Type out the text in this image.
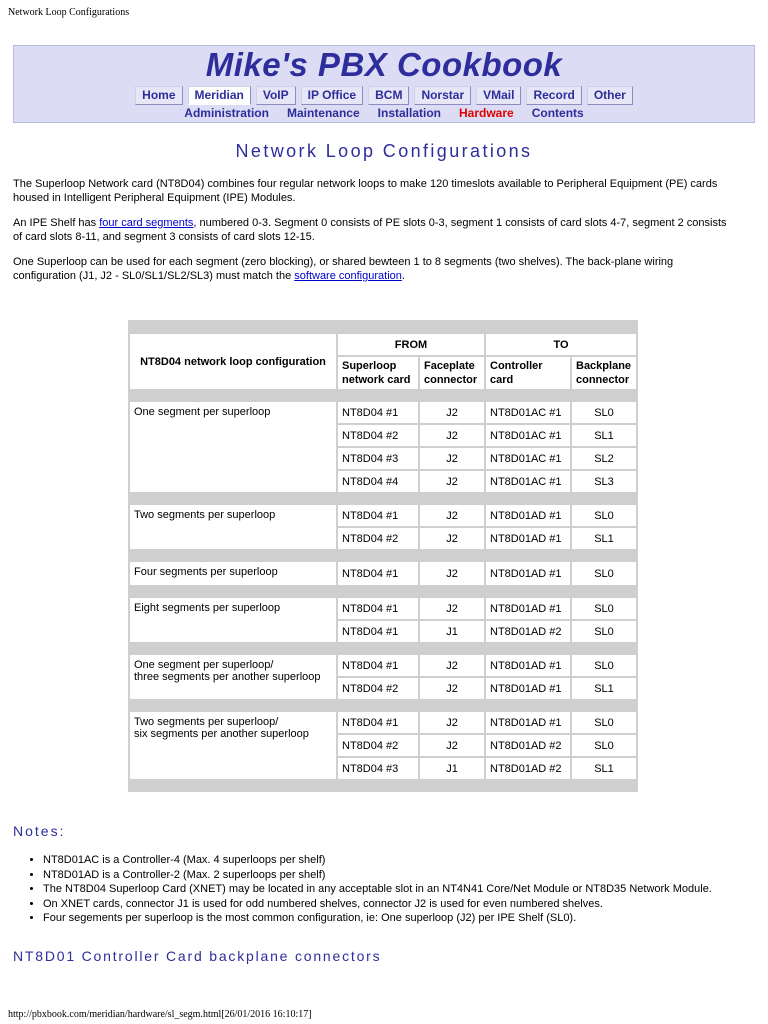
Network Loop Configurations
Mike's PBX Cookbook
Home	Meridian	VoIP	IP Office	BCM	Norstar	VMail	Record	Other
Administration Maintenance Installation Hardware Contents
Network Loop Configurations
The Superloop Network card (NT8D04) combines four regular network loops to make 120 timeslots available to Peripheral Equipment (PE) cards housed in Intelligent Peripheral Equipment (IPE) Modules.
An IPE Shelf has four card segments, numbered 0-3. Segment 0 consists of PE slots 0-3, segment 1 consists of card slots 4-7, segment 2 consists of card slots 8-11, and segment 3 consists of card slots 12-15.
One Superloop can be used for each segment (zero blocking), or shared bewteen 1 to 8 segments (two shelves). The back-plane wiring configuration (J1, J2 - SL0/SL1/SL2/SL3) must match the software configuration.

NT8D04 network loop configuration	FROM		TO	
	Superloop network card	Faceplate connector	Controller card	Backplane connector

One segment per superloop	NT8D04 #1	J2	NT8D01AC #1	SL0
	NT8D04 #2	J2	NT8D01AC #1	SL1
	NT8D04 #3	J2	NT8D01AC #1	SL2
	NT8D04 #4	J2	NT8D01AC #1	SL3

Two segments per superloop	NT8D04 #1	J2	NT8D01AD #1	SL0
	NT8D04 #2	J2	NT8D01AD #1	SL1

Four segments per superloop	NT8D04 #1	J2	NT8D01AD #1	SL0

Eight segments per superloop	NT8D04 #1	J2	NT8D01AD #1	SL0
	NT8D04 #1	J1	NT8D01AD #2	SL0

One segment per superloop/
three segments per another superloop	NT8D04 #1	J2	NT8D01AD #1	SL0
	NT8D04 #2	J2	NT8D01AD #1	SL1

Two segments per superloop/
six segments per another superloop	NT8D04 #1	J2	NT8D01AD #1	SL0
	NT8D04 #2	J2	NT8D01AD #2	SL0
	NT8D04 #3	J1	NT8D01AD #2	SL1

Notes:
• NT8D01AC is a Controller-4 (Max. 4 superloops per shelf)
• NT8D01AD is a Controller-2 (Max. 2 superloops per shelf)
• The NT8D04 Superloop Card (XNET) may be located in any acceptable slot in an NT4N41 Core/Net Module or NT8D35 Network Module.
• On XNET cards, connector J1 is used for odd numbered shelves, connector J2 is used for even numbered shelves.
• Four segements per superloop is the most common configuration, ie: One superloop (J2) per IPE Shelf (SL0).
NT8D01 Controller Card backplane connectors
http://pbxbook.com/meridian/hardware/sl_segm.html[26/01/2016 16:10:17]
